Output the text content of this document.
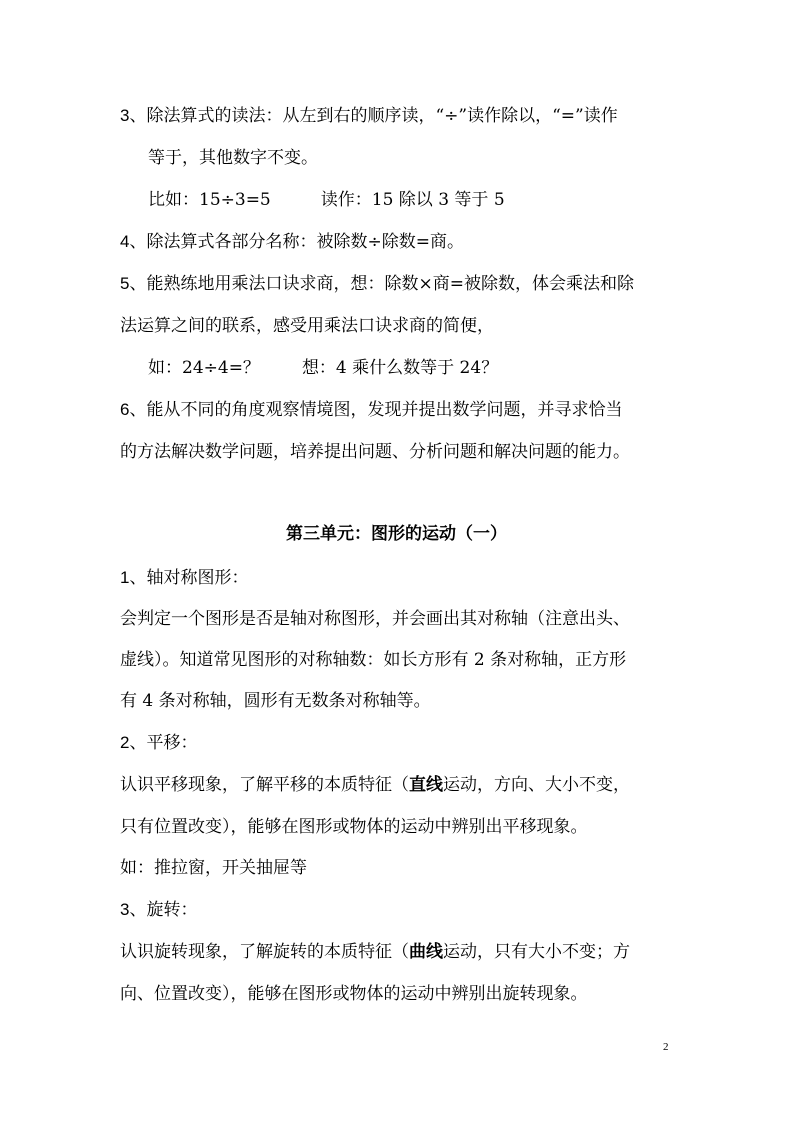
3、除法算式的读法：从左到右的顺序读，“÷”读作除以，“=”读作
等于，其他数字不变。
比如：15÷3=5	读作：15 除以 3 等于 5
4、除法算式各部分名称：被除数÷除数=商。
5、能熟练地用乘法口诀求商，想：除数×商=被除数，体会乘法和除
法运算之间的联系，感受用乘法口诀求商的简便，
如：24÷4=？ 想：4 乘什么数等于 24？
6、能从不同的角度观察情境图，发现并提出数学问题，并寻求恰当
的方法解决数学问题，培养提出问题、分析问题和解决问题的能力。
第三单元：图形的运动（一）
1、轴对称图形：
会判定一个图形是否是轴对称图形，并会画出其对称轴（注意出头、
虚线）。知道常见图形的对称轴数：如长方形有 2 条对称轴，正方形
有 4 条对称轴，圆形有无数条对称轴等。
2、平移：
认识平移现象，了解平移的本质特征（直线运动，方向、大小不变，
只有位置改变），能够在图形或物体的运动中辨别出平移现象。
如：推拉窗，开关抽屉等
3、旋转：
认识旋转现象，了解旋转的本质特征（曲线运动，只有大小不变；方
向、位置改变），能够在图形或物体的运动中辨别出旋转现象。
2
